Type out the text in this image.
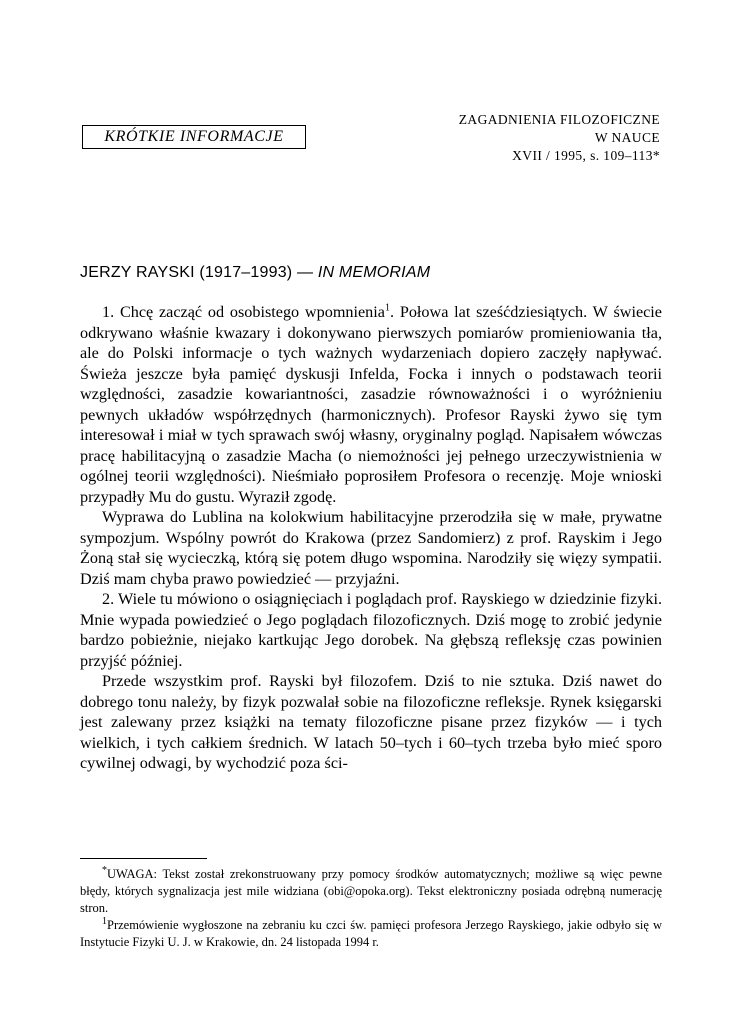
KRÓTKIE INFORMACJE
ZAGADNIENIA FILOZOFICZNE
W NAUCE
XVII / 1995, s. 109–113*
JERZY RAYSKI (1917–1993) — IN MEMORIAM

1. Chcę zacząć od osobistego wpomnienia$^1$. Połowa lat sześćdziesiątych. W świecie odkrywano właśnie kwazary i dokonywano pierwszych pomiarów promieniowania tła, ale do Polski informacje o tych ważnych wydarzeniach dopiero zaczęły napływać. Świeża jeszcze była pamięć dyskusji Infelda, Focka i innych o podstawach teorii względności, zasadzie kowariantności, zasadzie równoważności i o wyróżnieniu pewnych układów współrzędnych (harmonicznych). Profesor Rayski żywo się tym interesował i miał w tych sprawach swój własny, oryginalny pogląd. Napisałem wówczas pracę habilitacyjną o zasadzie Macha (o niemożności jej pełnego urzeczywistnienia w ogólnej teorii względności). Nieśmiało poprosiłem Profesora o recenzję. Moje wnioski przypadły Mu do gustu. Wyraził zgodę.

Wyprawa do Lublina na kolokwium habilitacyjne przerodziła się w małe, prywatne sympozjum. Wspólny powrót do Krakowa (przez Sandomierz) z prof. Rayskim i Jego Żoną stał się wycieczką, którą się potem długo wspomina. Narodziły się więzy sympatii. Dziś mam chyba prawo powiedzieć — przyjaźni.

2. Wiele tu mówiono o osiągnięciach i poglądach prof. Rayskiego w dziedzinie fizyki. Mnie wypada powiedzieć o Jego poglądach filozoficznych. Dziś mogę to zrobić jedynie bardzo pobieżnie, niejako kartkując Jego dorobek. Na głębszą refleksję czas powinien przyjść później.

Przede wszystkim prof. Rayski był filozofem. Dziś to nie sztuka. Dziś nawet do dobrego tonu należy, by fizyk pozwalał sobie na filozoficzne refleksje. Rynek księgarski jest zalewany przez książki na tematy filozoficzne pisane przez fizyków — i tych wielkich, i tych całkiem średnich. W latach 50–tych i 60–tych trzeba było mieć sporo cywilnej odwagi, by wychodzić poza ści-

*UWAGA: Tekst został zrekonstruowany przy pomocy środków automatycznych; możliwe są więc pewne błędy, których sygnalizacja jest mile widziana (obi@opoka.org). Tekst elektroniczny posiada odrębną numerację stron.

$^1$Przemówienie wygłoszone na zebraniu ku czci św. pamięci profesora Jerzego Rayskiego, jakie odbyło się w Instytucie Fizyki U. J. w Krakowie, dn. 24 listopada 1994 r.
